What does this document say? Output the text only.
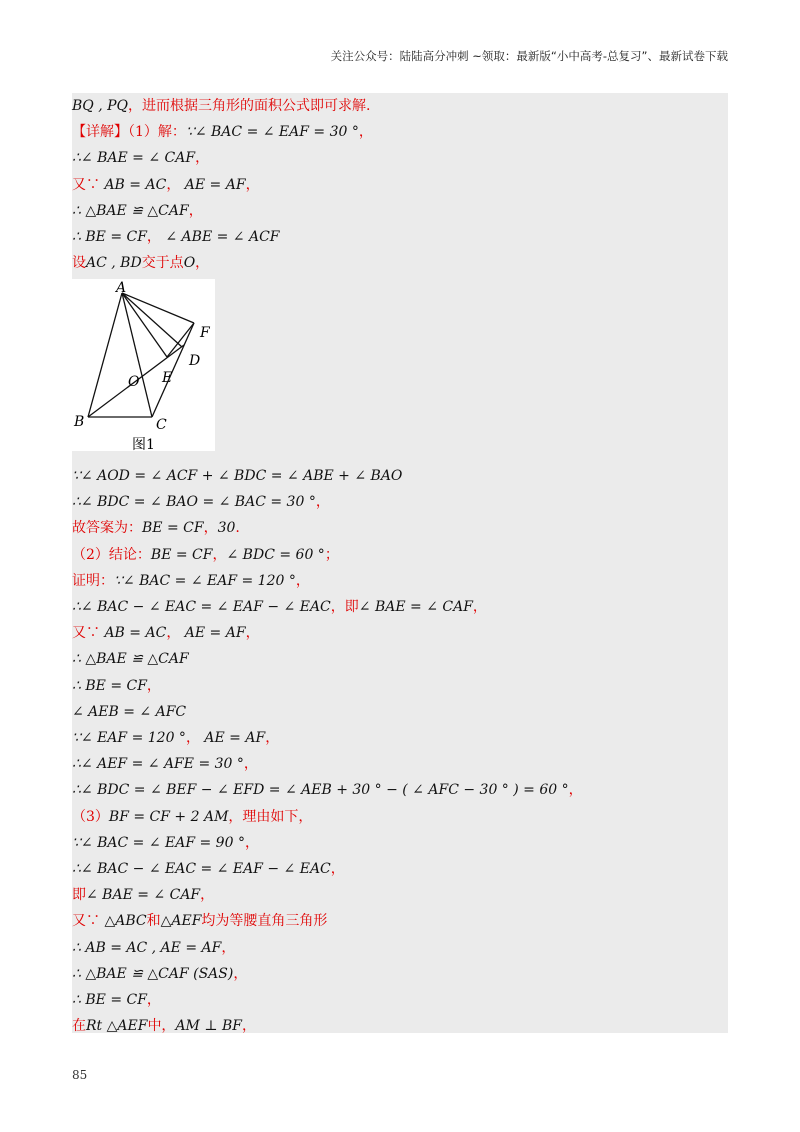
关注公众号：陆陆高分冲刺 ~领取：最新版“小中高考-总复习”、最新试卷下载
A
B	C
D
E
F
O
图1
BQ , PQ，进而根据三角形的面积公式即可求解.
【详解】（1）解：∵∠ BAC = ∠ EAF = 30 °，
∴∠ BAE = ∠ CAF，
又∵ AB = AC， AE = AF，
∴ △BAE ≌ △CAF，
∴ BE = CF， ∠ ABE = ∠ ACF
设AC , BD交于点O，
∵∠ AOD = ∠ ACF + ∠ BDC = ∠ ABE + ∠ BAO
∴∠ BDC = ∠ BAO = ∠ BAC = 30 °，
故答案为：BE = CF，30.
（2）结论：BE = CF，∠ BDC = 60 °；
证明：∵∠ BAC = ∠ EAF = 120 °，
∴∠ BAC − ∠ EAC = ∠ EAF − ∠ EAC，即∠ BAE = ∠ CAF，
又∵ AB = AC， AE = AF，
∴ △BAE ≌ △CAF
∴ BE = CF，
∠ AEB = ∠ AFC
∵∠ EAF = 120 °， AE = AF，
∴∠ AEF = ∠ AFE = 30 °，
∴∠ BDC = ∠ BEF − ∠ EFD = ∠ AEB + 30 ° − ( ∠ AFC − 30 ° ) = 60 °，
（3）BF = CF + 2 AM，理由如下，
∵∠ BAC = ∠ EAF = 90 °，
∴∠ BAC − ∠ EAC = ∠ EAF − ∠ EAC，
即∠ BAE = ∠ CAF，
又∵ △ABC和△AEF均为等腰直角三角形
∴ AB = AC , AE = AF，
∴ △BAE ≌ △CAF (SAS)，
∴ BE = CF，
在Rt △AEF中，AM ⊥ BF，
85
